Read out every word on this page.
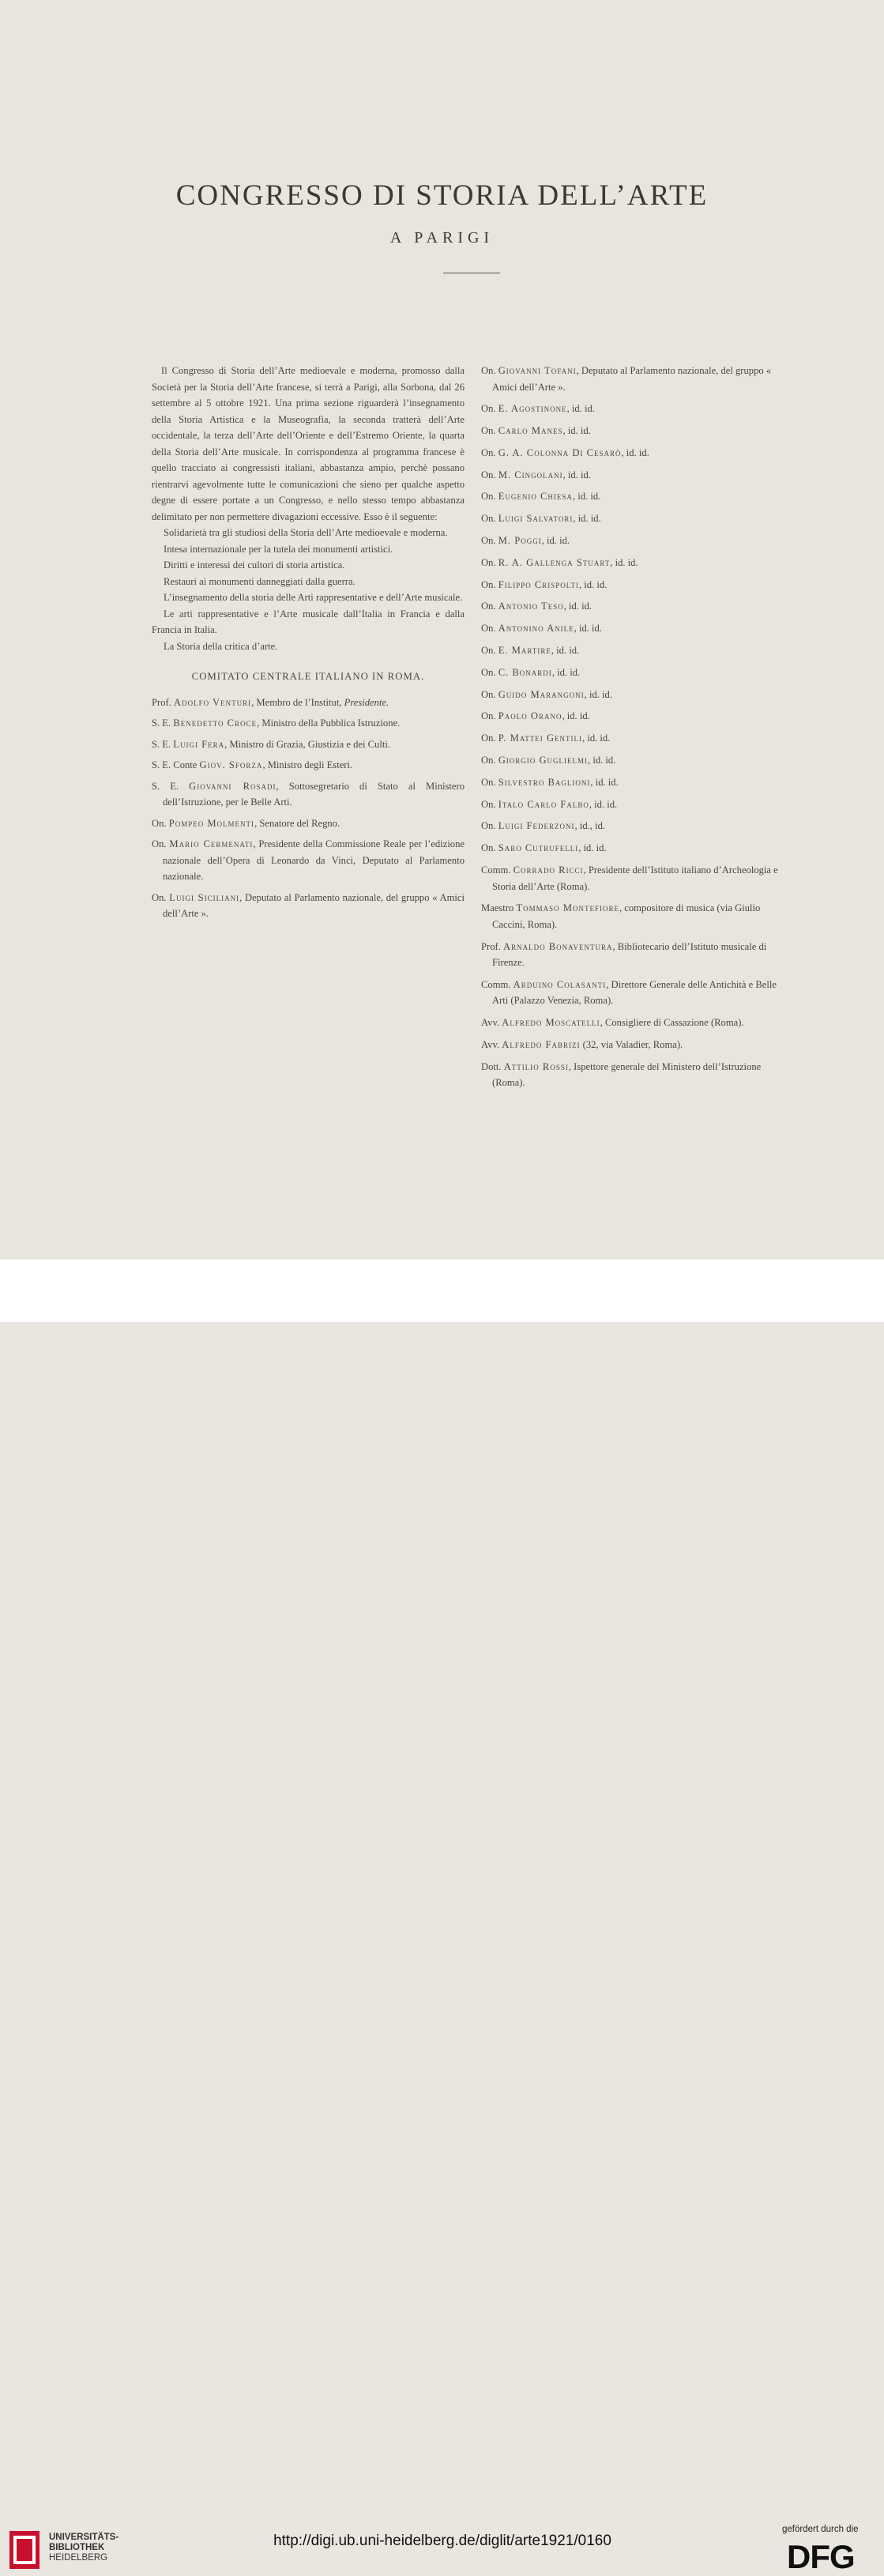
CONGRESSO DI STORIA DELL’ARTE
A PARIGI

Il Congresso di Storia dell’Arte medioevale e moderna, promosso dalla Società per la Storia dell’Arte francese, si terrà a Parigi, alla Sorbona, dal 26 settembre al 5 ottobre 1921. Una prima sezione riguarderà l’insegnamento della Storia Artistica e la Museografia, la seconda tratterà dell’Arte occidentale, la terza dell’Arte dell’Oriente e dell’Estremo Oriente, la quarta della Storia dell’Arte musicale. In corrispondenza al programma francese è quello tracciato ai congressisti italiani, abbastanza ampio, perchè possano rientrarvi agevolmente tutte le comunicazioni che sieno per qualche aspetto degne di essere portate a un Congresso, e nello stesso tempo abbastanza delimitato per non permettere divagazioni eccessive. Esso è il seguente:

Solidarietà tra gli studiosi della Storia dell’Arte medioevale e moderna.

Intesa internazionale per la tutela dei monumenti artistici.

Diritti e interessi dei cultori di storia artistica.

Restauri ai monumenti danneggiati dalla guerra.

L’insegnamento della storia delle Arti rappresentative e dell’Arte musicale.

Le arti rappresentative e l’Arte musicale dall’Italia in Francia e dalla Francia in Italia.

La Storia della critica d’arte.

COMITATO CENTRALE ITALIANO IN ROMA.
Prof. Adolfo Venturi, Membro de l’Institut, Presidente.
S. E. Benedetto Croce, Ministro della Pubblica Istruzione.
S. E. Luigi Fera, Ministro di Grazia, Giustizia e dei Culti.
S. E. Conte Giov. Sforza, Ministro degli Esteri.
S. E. Giovanni Rosadi, Sottosegretario di Stato al Ministero dell’Istruzione, per le Belle Arti.
On. Pompeo Molmenti, Senatore del Regno.
On. Mario Cermenati, Presidente della Commissione Reale per l’edizione nazionale dell’Opera di Leonardo da Vinci, Deputato al Parlamento nazionale.
On. Luigi Siciliani, Deputato al Parlamento nazionale, del gruppo « Amici dell’Arte ».
On. Giovanni Tofani, Deputato al Parlamento nazionale, del gruppo « Amici dell’Arte ».
On. E. Agostinone, id. id.
On. Carlo Manes, id. id.
On. G. A. Colonna Di Cesarò, id. id.
On. M. Cingolani, id. id.
On. Eugenio Chiesa, id. id.
On. Luigi Salvatori, id. id.
On. M. Poggi, id. id.
On. R. A. Gallenga Stuart, id. id.
On. Filippo Crispolti, id. id.
On. Antonio Teso, id. id.
On. Antonino Anile, id. id.
On. E. Martire, id. id.
On. C. Bonardi, id. id.
On. Guido Marangoni, id. id.
On. Paolo Orano, id. id.
On. P. Mattei Gentili, id. id.
On. Giorgio Guglielmi, id. id.
On. Silvestro Baglioni, id. id.
On. Italo Carlo Falbo, id. id.
On. Luigi Federzoni, id., id.
On. Saro Cutrufelli, id. id.
Comm. Corrado Ricci, Presidente dell’Istituto italiano d’Archeologia e Storia dell’Arte (Roma).
Maestro Tommaso Montefiore, compositore di musica (via Giulio Caccini, Roma).
Prof. Arnaldo Bonaventura, Bibliotecario dell’Istituto musicale di Firenze.
Comm. Arduino Colasanti, Direttore Generale delle Antichità e Belle Arti (Palazzo Venezia, Roma).
Avv. Alfredo Moscatelli, Consigliere di Cassazione (Roma).
Avv. Alfredo Fabrizi (32, via Valadier, Roma).
Dott. Attilio Rossi, Ispettore generale del Ministero dell’Istruzione (Roma).
UNIVERSITÄTS-
BIBLIOTHEK
HEIDELBERG
http://digi.ub.uni-heidelberg.de/diglit/arte1921/0160
gefördert durch die
DFG
